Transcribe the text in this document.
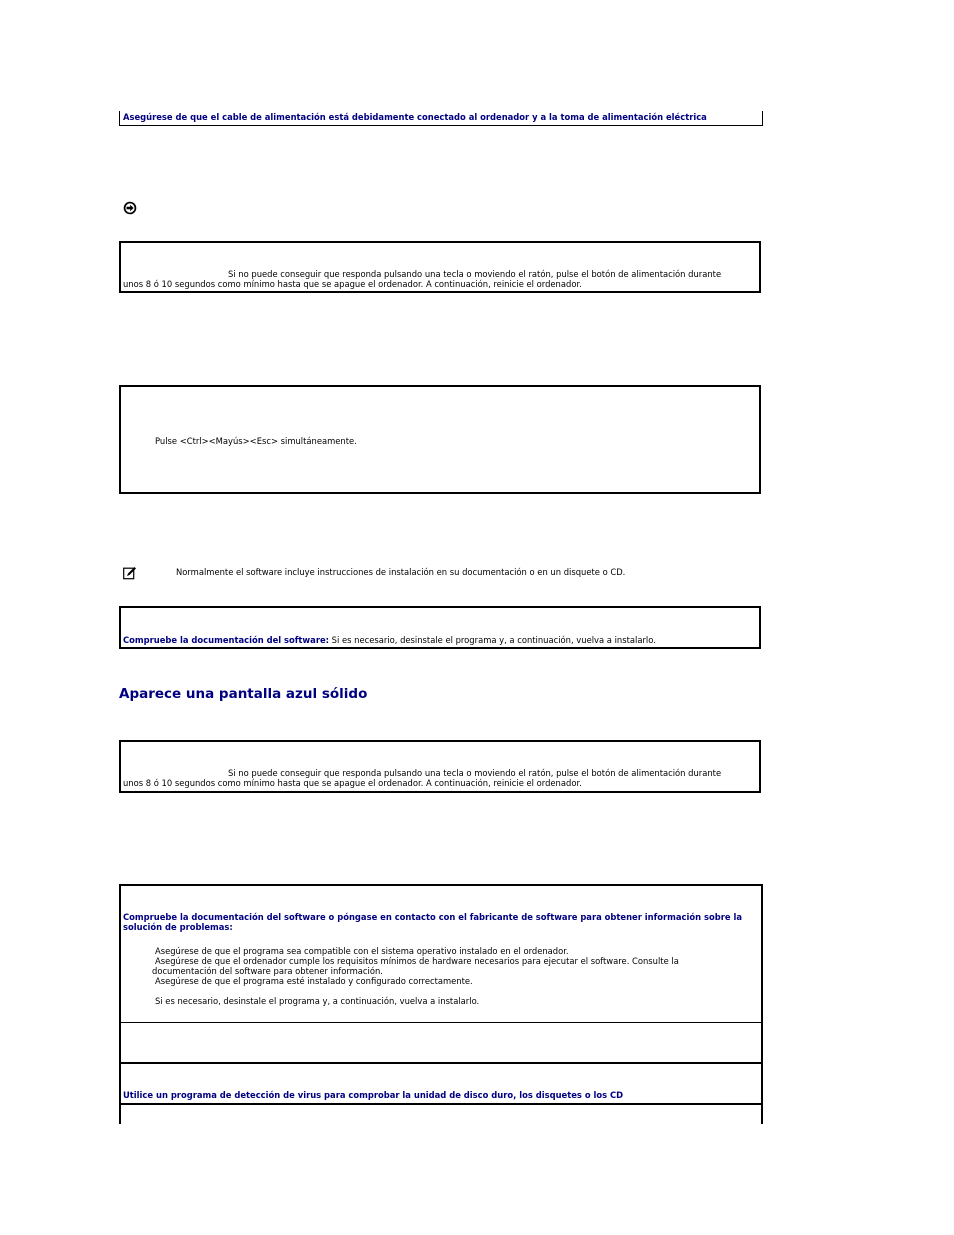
Asegúrese de que el cable de alimentación está debidamente conectado al ordenador y a la toma de alimentación eléctrica
Si no puede conseguir que responda pulsando una tecla o moviendo el ratón, pulse el botón de alimentación durante
unos 8 ó 10 segundos como mínimo hasta que se apague el ordenador. A continuación, reinicie el ordenador.
Pulse <Ctrl><Mayús><Esc> simultáneamente.
Normalmente el software incluye instrucciones de instalación en su documentación o en un disquete o CD.
Compruebe la documentación del software: Si es necesario, desinstale el programa y, a continuación, vuelva a instalarlo.
Aparece una pantalla azul sólido
Si no puede conseguir que responda pulsando una tecla o moviendo el ratón, pulse el botón de alimentación durante
unos 8 ó 10 segundos como mínimo hasta que se apague el ordenador. A continuación, reinicie el ordenador.
Compruebe la documentación del software o póngase en contacto con el fabricante de software para obtener información sobre la
solución de problemas:
Asegúrese de que el programa sea compatible con el sistema operativo instalado en el ordenador.
Asegúrese de que el ordenador cumple los requisitos mínimos de hardware necesarios para ejecutar el software. Consulte la
documentación del software para obtener información.
Asegúrese de que el programa esté instalado y configurado correctamente.
Si es necesario, desinstale el programa y, a continuación, vuelva a instalarlo.
Utilice un programa de detección de virus para comprobar la unidad de disco duro, los disquetes o los CD
